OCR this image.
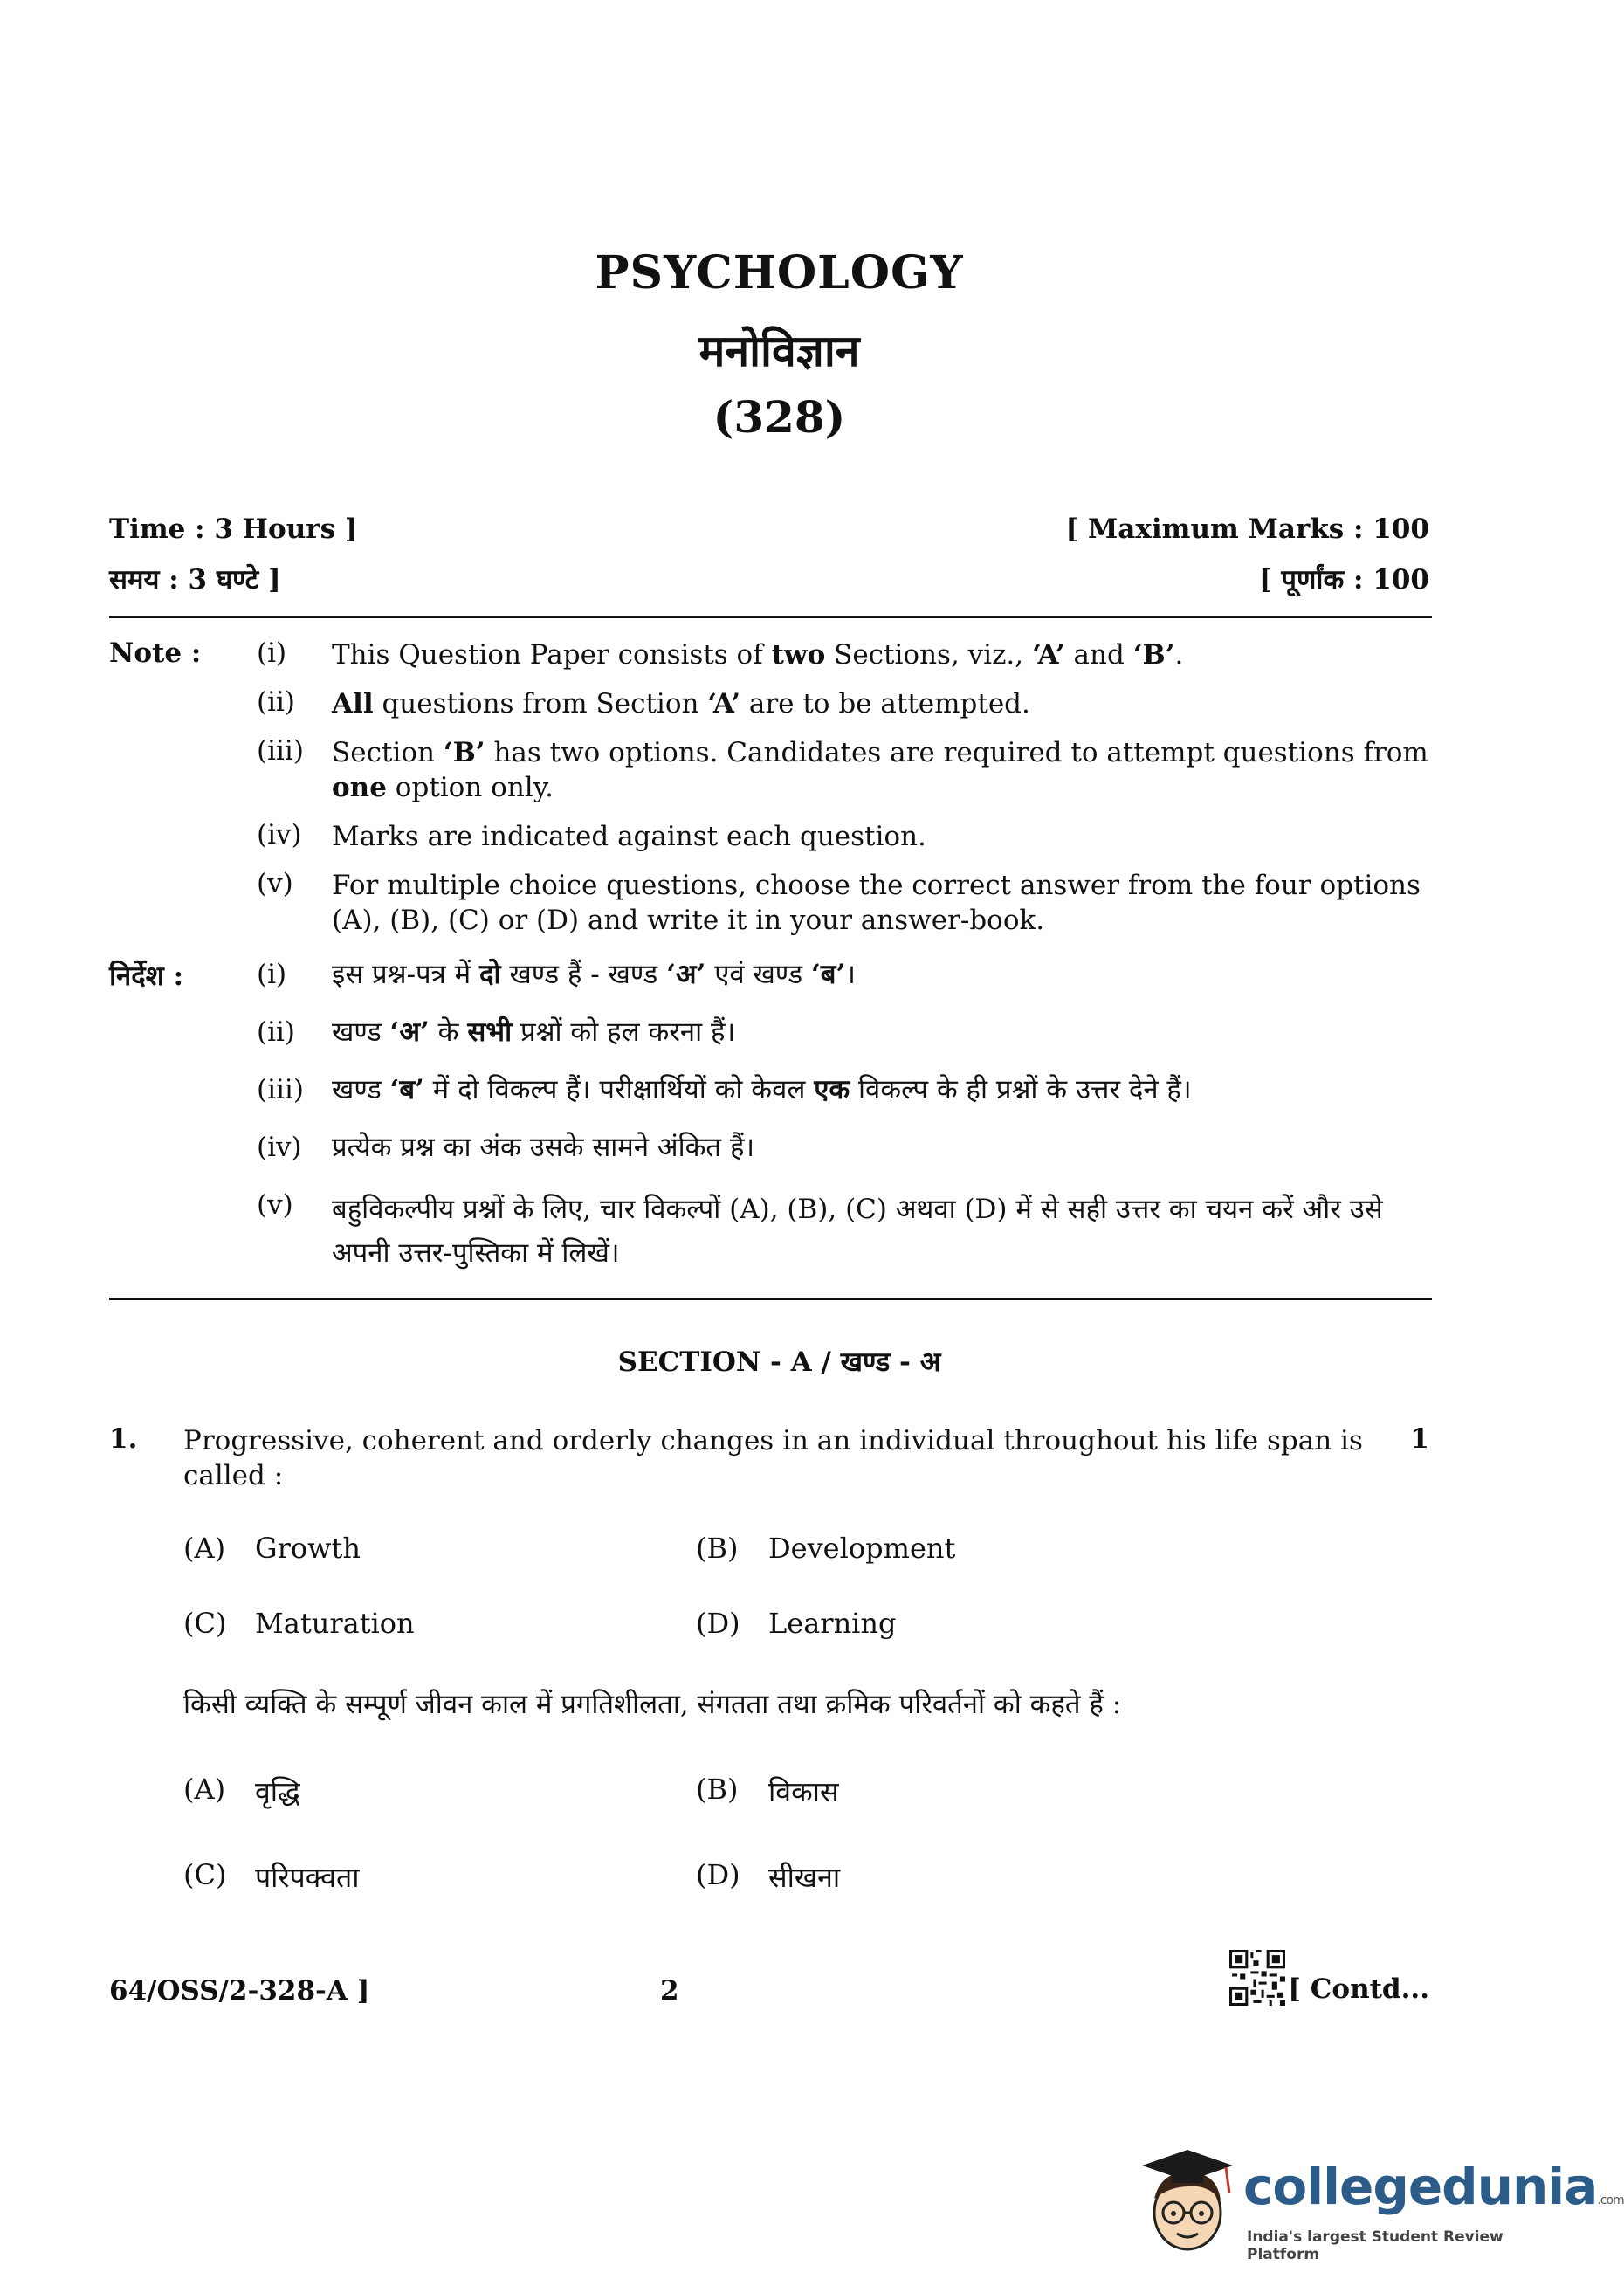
PSYCHOLOGY
मनोविज्ञान
(328)
Time : 3 Hours ]	[ Maximum Marks : 100
समय : 3 घण्टे ]	[ पूर्णांक : 100
Note : (i) This Question Paper consists of two Sections, viz., ‘A’ and ‘B’.
(ii) All questions from Section ‘A’ are to be attempted.
(iii) Section ‘B’ has two options. Candidates are required to attempt questions from one option only.
(iv) Marks are indicated against each question.
(v) For multiple choice questions, choose the correct answer from the four options (A), (B), (C) or (D) and write it in your answer-book.
निर्देश :	(i) इस प्रश्न-पत्र में दो खण्ड हैं - खण्ड ‘अ’ एवं खण्ड ‘ब’।
(ii) खण्ड ‘अ’ के सभी प्रश्नों को हल करना हैं।
(iii) खण्ड ‘ब’ में दो विकल्प हैं। परीक्षार्थियों को केवल एक विकल्प के ही प्रश्नों के उत्तर देने हैं।
(iv) प्रत्येक प्रश्न का अंक उसके सामने अंकित हैं।
(v) बहुविकल्पीय प्रश्नों के लिए, चार विकल्पों (A), (B), (C) अथवा (D) में से सही उत्तर का चयन करें और उसे अपनी उत्तर-पुस्तिका में लिखें।
SECTION - A / खण्ड - अ
1. Progressive, coherent and orderly changes in an individual throughout his life span is called :
1
(A) Growth	(B) Development
(C) Maturation	(D) Learning
किसी व्यक्ति के सम्पूर्ण जीवन काल में प्रगतिशीलता, संगतता तथा क्रमिक परिवर्तनों को कहते हैं :
(A) वृद्धि	(B) विकास
(C) परिपक्वता	(D) सीखना
64/OSS/2-328-A ]	2	[ Contd...
collegedunia.com
India's largest Student Review Platform
